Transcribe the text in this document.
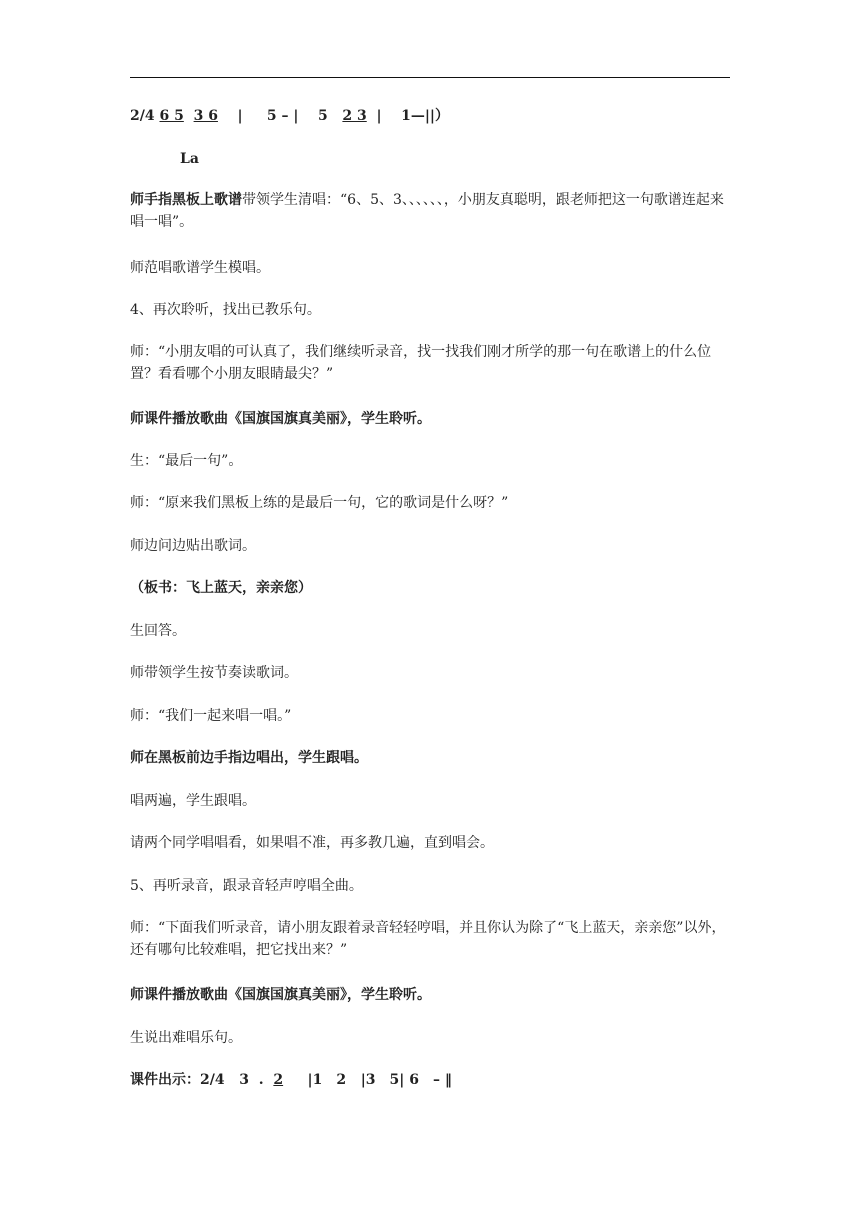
2/4 6 5 3 6 | 5 – | 5 2 3 | 1—||）
La
师手指黑板上歌谱带领学生清唱：“6、5、3、、、、、、，小朋友真聪明，跟老师把这一句歌谱连起来唱一唱”。
师范唱歌谱学生模唱。
4、再次聆听，找出已教乐句。
师：“小朋友唱的可认真了，我们继续听录音，找一找我们刚才所学的那一句在歌谱上的什么位置？看看哪个小朋友眼睛最尖？”
师课件播放歌曲《国旗国旗真美丽》，学生聆听。
生：“最后一句”。
师：“原来我们黑板上练的是最后一句，它的歌词是什么呀？”
师边问边贴出歌词。
（板书：飞上蓝天，亲亲您）
生回答。
师带领学生按节奏读歌词。
师：“我们一起来唱一唱。”
师在黑板前边手指边唱出，学生跟唱。
唱两遍，学生跟唱。
请两个同学唱唱看，如果唱不准，再多教几遍，直到唱会。
5、再听录音，跟录音轻声哼唱全曲。
师：“下面我们听录音，请小朋友跟着录音轻轻哼唱，并且你认为除了“飞上蓝天，亲亲您”以外，还有哪句比较难唱，把它找出来？”
师课件播放歌曲《国旗国旗真美丽》，学生聆听。
生说出难唱乐句。
课件出示：2/4 3 . 2 |1　2 |3　5| 6　– ‖
